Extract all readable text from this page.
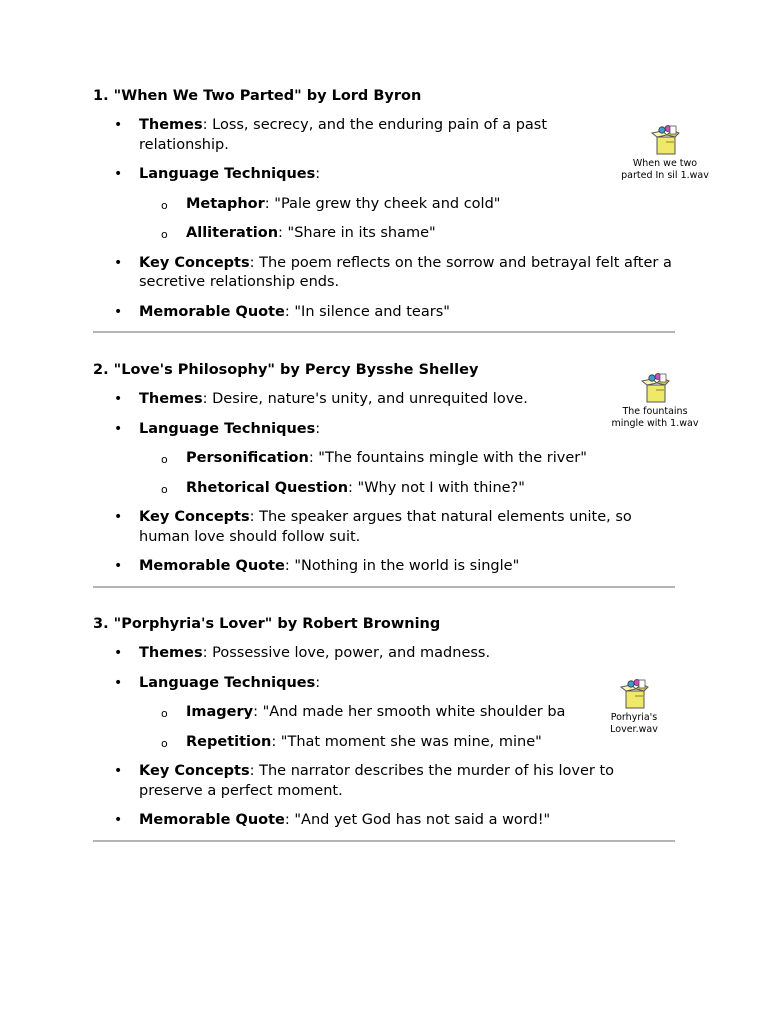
1. "When We Two Parted" by Lord Byron

• Themes: Loss, secrecy, and the enduring pain of a past relationship.
• Language Techniques:
o Metaphor: "Pale grew thy cheek and cold"
o Alliteration: "Share in its shame"
• Key Concepts: The poem reflects on the sorrow and betrayal felt after a secretive relationship ends.
• Memorable Quote: "In silence and tears"

2. "Love's Philosophy" by Percy Bysshe Shelley

• Themes: Desire, nature's unity, and unrequited love.
• Language Techniques:
o Personification: "The fountains mingle with the river"
o Rhetorical Question: "Why not I with thine?"
• Key Concepts: The speaker argues that natural elements unite, so human love should follow suit.
• Memorable Quote: "Nothing in the world is single"

3. "Porphyria's Lover" by Robert Browning

• Themes: Possessive love, power, and madness.
• Language Techniques:
o Imagery: "And made her smooth white shoulder ba
o Repetition: "That moment she was mine, mine"
• Key Concepts: The narrator describes the murder of his lover to preserve a perfect moment.
• Memorable Quote: "And yet God has not said a word!"
When we two
parted In sil 1.wav
The fountains
mingle with 1.wav
Porhyria's
Lover.wav
